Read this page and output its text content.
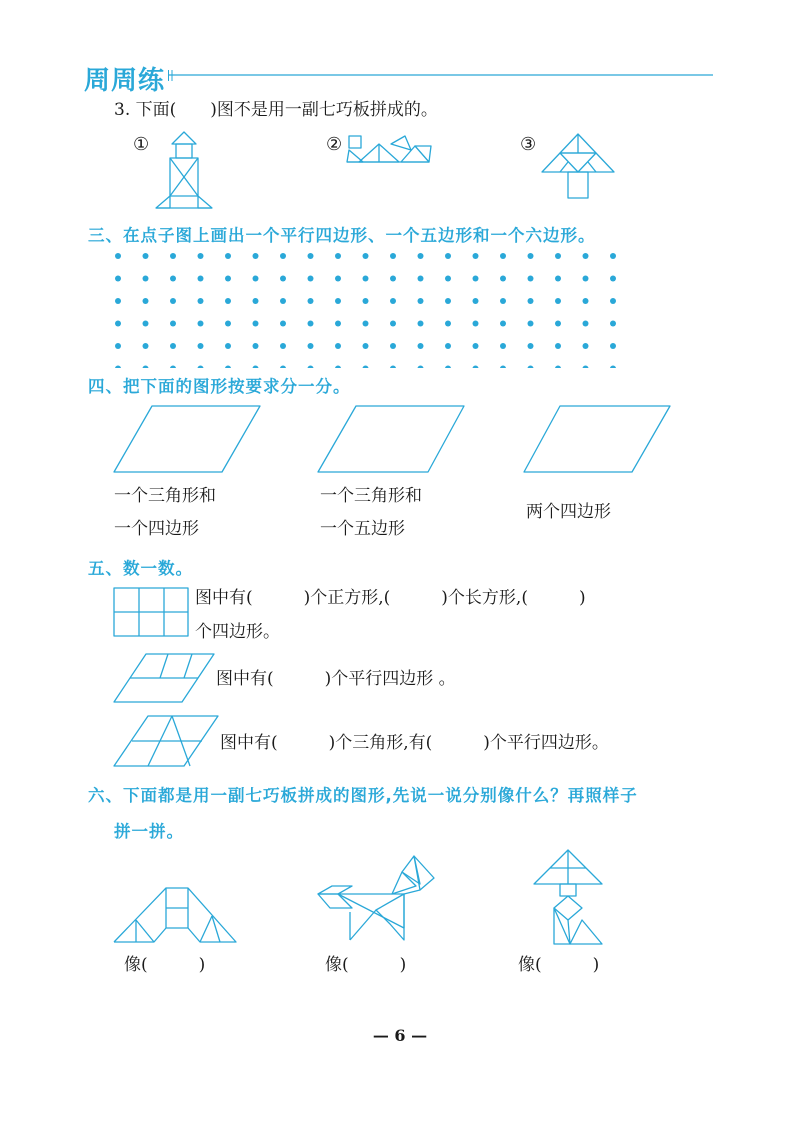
周周练
3. 下面(　　)图不是用一副七巧板拼成的。
①	②	③
三、在点子图上画出一个平行四边形、一个五边形和一个六边形。
四、把下面的图形按要求分一分。
一个三角形和
一个四边形
一个三角形和
一个五边形
两个四边形
五、数一数。
图中有(　　　)个正方形,(　　　)个长方形,(　　　)
个四边形。
图中有(　　　)个平行四边形 。
图中有(　　　)个三角形,有(　　　)个平行四边形。
六、下面都是用一副七巧板拼成的图形,先说一说分别像什么？再照样子
拼一拼。
像(　　　)	像(　　　)	像(　　　)
— 6 —
